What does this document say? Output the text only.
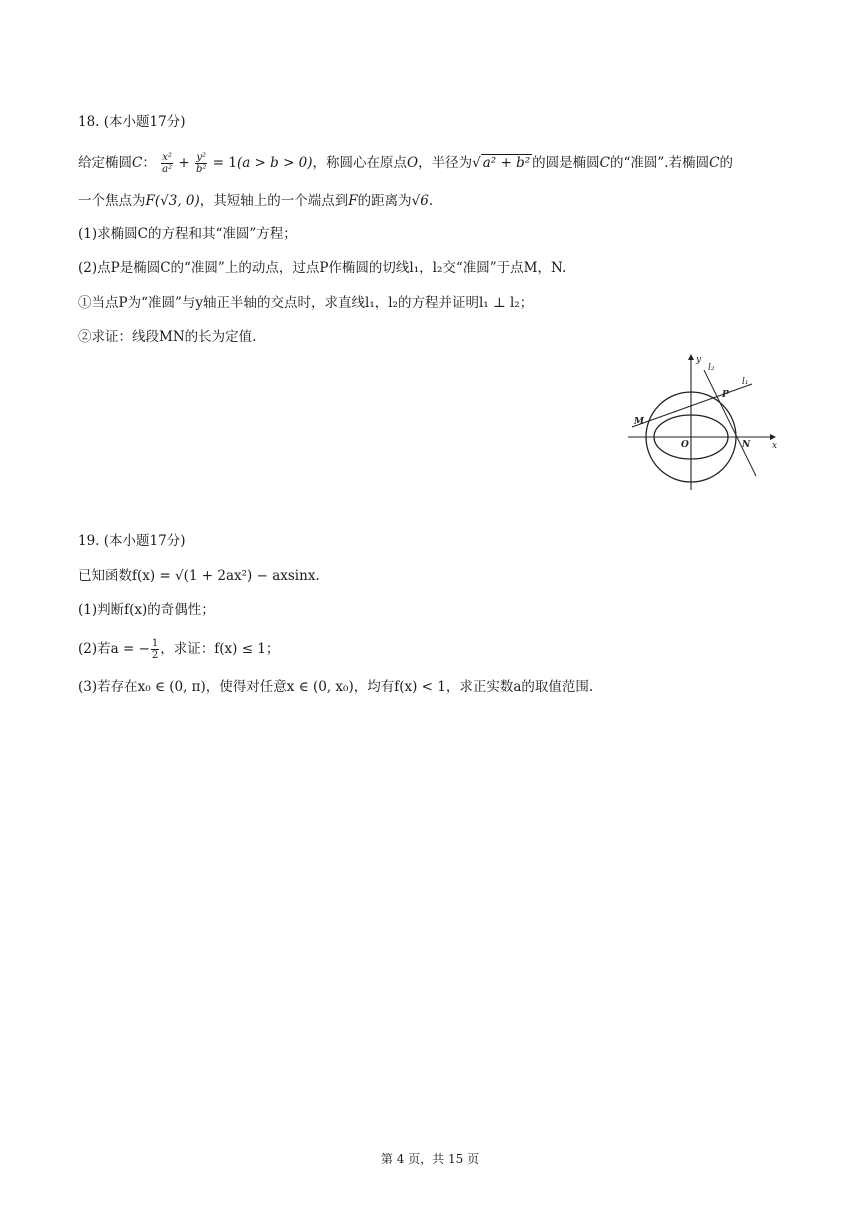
18. (本小题17分)
给定椭圆C： $\frac{\text{x²}}{\text{a²}} + \frac{\text{y²}}{\text{b²}} = 1(a > b > 0)$，称圆心在原点O，半径为√ a² + b² 的圆是椭圆C的“准圆”.若椭圆C的
一个焦点为F(√3, 0)，其短轴上的一个端点到F的距离为√6.
(1)求椭圆C的方程和其“准圆”方程；
(2)点P是椭圆C的“准圆”上的动点，过点P作椭圆的切线l₁，l₂交“准圆”于点M，N.
①当点P为“准圆”与y轴正半轴的交点时，求直线l₁，l₂的方程并证明l₁ ⊥ l₂；
②求证：线段MN的长为定值.
y
x
l₂
l₁
P
M
O	N
19. (本小题17分)
已知函数f(x) = √(1 + 2ax²) − axsinx.
(1)判断f(x)的奇偶性；
(2)若a = − $\frac{1}{2}$ ，求证：f(x) ≤ 1；
(3)若存在x₀ ∈ (0, π)，使得对任意x ∈ (0, x₀)，均有f(x) < 1，求正实数a的取值范围.
第 4 页，共 15 页
